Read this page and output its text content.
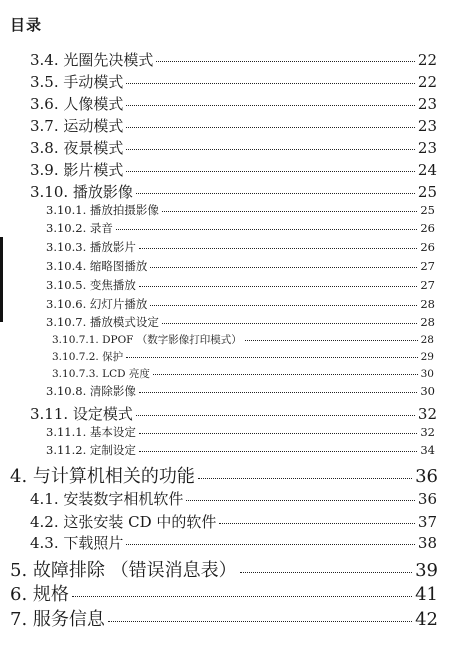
目录
3.4. 光圈先决模式	22
3.5. 手动模式	22
3.6. 人像模式	23
3.7. 运动模式	23
3.8. 夜景模式	23
3.9. 影片模式	24
3.10. 播放影像	25
3.10.1. 播放拍摄影像	25
3.10.2. 录音	26
3.10.3. 播放影片	26
3.10.4. 缩略图播放	27
3.10.5. 变焦播放	27
3.10.6. 幻灯片播放	28
3.10.7. 播放模式设定	28
3.10.7.1. DPOF （数字影像打印模式）	28
3.10.7.2. 保护	29
3.10.7.3. LCD 亮度	30
3.10.8. 清除影像	30
3.11. 设定模式	32
3.11.1. 基本设定	32
3.11.2. 定制设定	34
4. 与计算机相关的功能	36
4.1. 安装数字相机软件	36
4.2. 这张安装 CD 中的软件	37
4.3. 下载照片	38
5. 故障排除 （错误消息表）	39
6. 规格	41
7. 服务信息	42
